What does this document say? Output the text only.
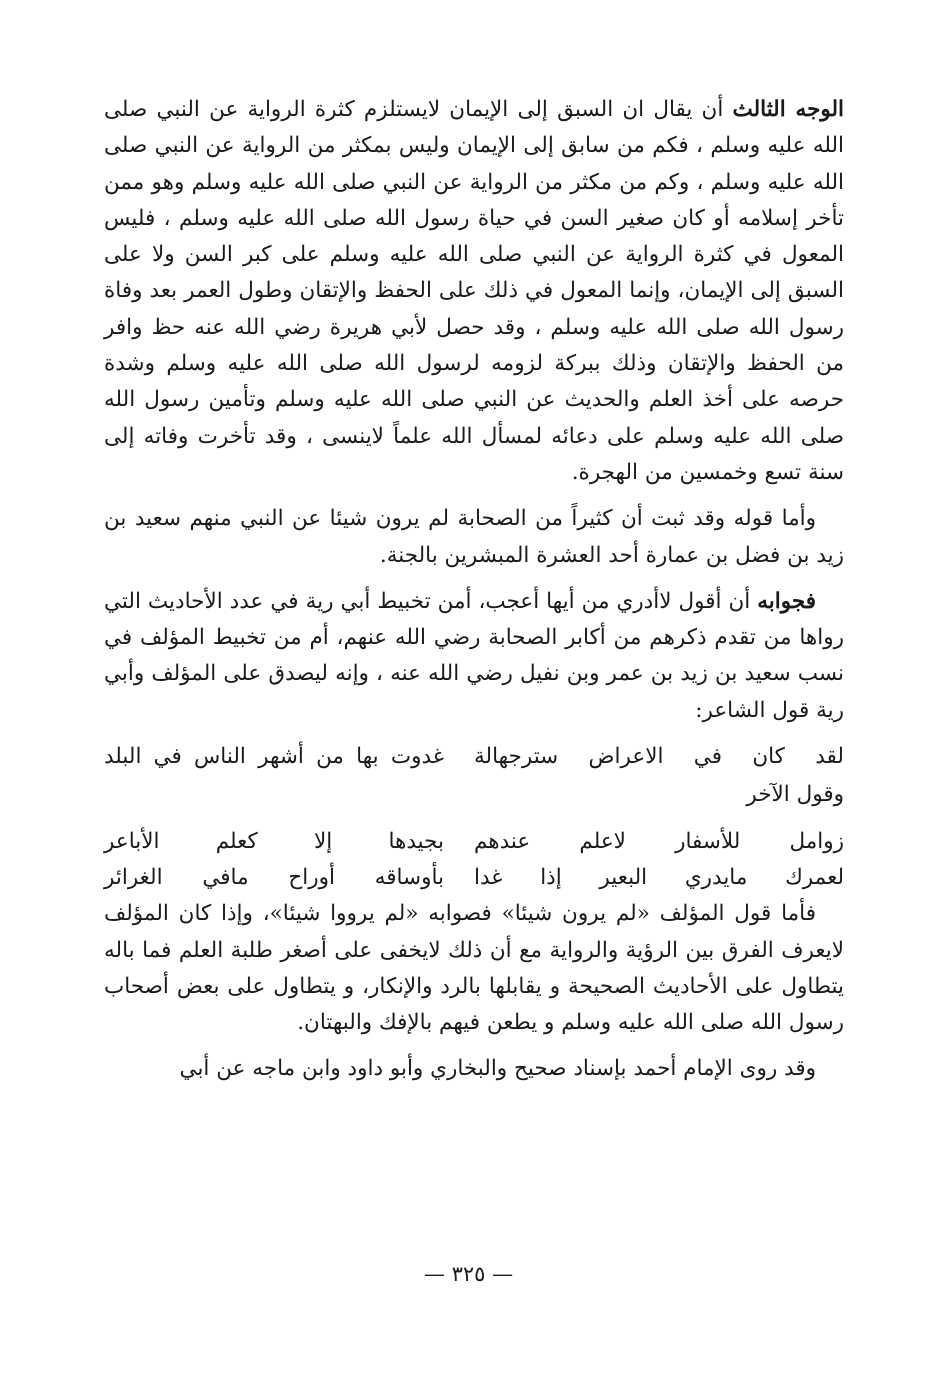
الوجه الثالث أن يقال ان السبق إلى الإيمان لايستلزم كثرة الرواية عن النبي صلى الله عليه وسلم ، فكم من سابق إلى الإيمان وليس بمكثر من الرواية عن النبي صلى الله عليه وسلم ، وكم من مكثر من الرواية عن النبي صلى الله عليه وسلم وهو ممن تأخر إسلامه أو كان صغير السن في حياة رسول الله صلى الله عليه وسلم ، فليس المعول في كثرة الرواية عن النبي صلى الله عليه وسلم على كبر السن ولا على السبق إلى الإيمان، وإنما المعول في ذلك على الحفظ والإتقان وطول العمر بعد وفاة رسول الله صلى الله عليه وسلم ، وقد حصل لأبي هريرة رضي الله عنه حظ وافر من الحفظ والإتقان وذلك ببركة لزومه لرسول الله صلى الله عليه وسلم وشدة حرصه على أخذ العلم والحديث عن النبي صلى الله عليه وسلم وتأمين رسول الله صلى الله عليه وسلم على دعائه لمسأل الله علماً لاينسى ، وقد تأخرت وفاته إلى سنة تسع وخمسين من الهجرة.

وأما قوله وقد ثبت أن كثيراً من الصحابة لم يرون شيئا عن النبي منهم سعيد بن زيد بن فضل بن عمارة أحد العشرة المبشرين بالجنة.

فجوابه أن أقول لاأدري من أيها أعجب، أمن تخبيط أبي رية في عدد الأحاديث التي رواها من تقدم ذكرهم من أكابر الصحابة رضي الله عنهم، أم من تخبيط المؤلف في نسب سعيد بن زيد بن عمر وبن نفيل رضي الله عنه ، وإنه ليصدق على المؤلف وأبي رية قول الشاعر:

لقد كان في الاعراض سترجهالة
غدوت بها من أشهر الناس في البلد
وقول الآخر
زوامل للأسفار لاعلم عندهم
بجيدها إلا كعلم الأباعر
لعمرك مايدري البعير إذا غدا
بأوساقه أوراح مافي الغرائر

فأما قول المؤلف «لم يرون شيئا» فصوابه «لم يرووا شيئا»، وإذا كان المؤلف لايعرف الفرق بين الرؤية والرواية مع أن ذلك لايخفى على أصغر طلبة العلم فما باله يتطاول على الأحاديث الصحيحة و يقابلها بالرد والإنكار، و يتطاول على بعض أصحاب رسول الله صلى الله عليه وسلم و يطعن فيهم بالإفك والبهتان.

وقد روى الإمام أحمد بإسناد صحيح والبخاري وأبو داود وابن ماجه عن أبي

— ٣٢٥ —
